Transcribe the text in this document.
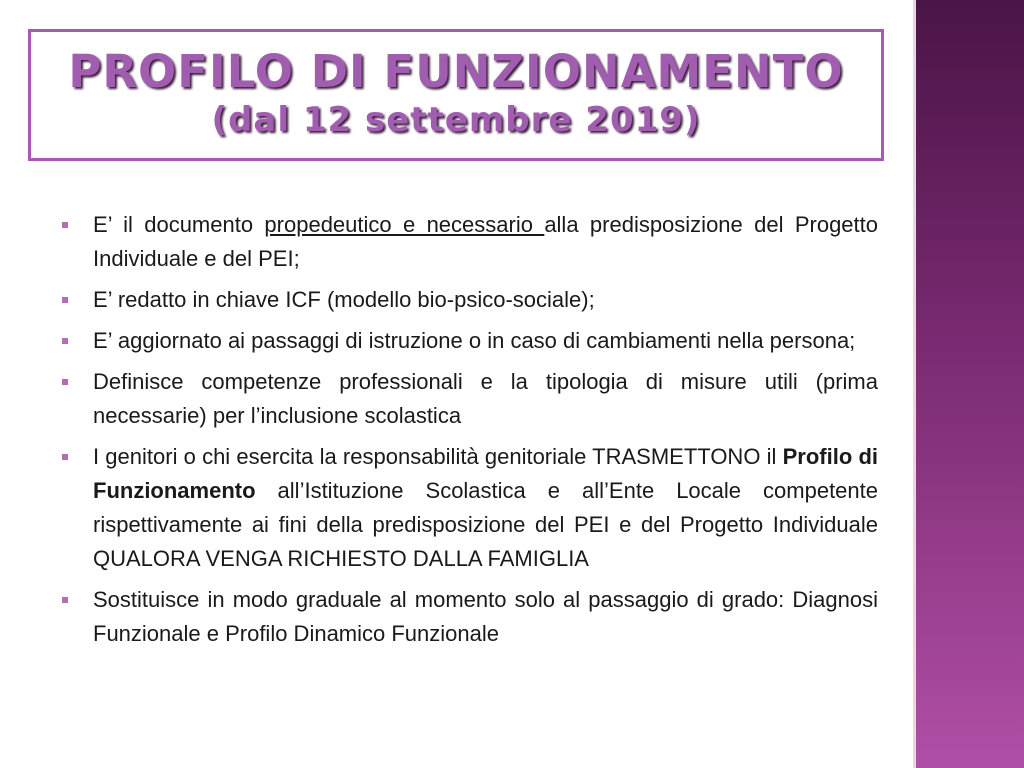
PROFILO DI FUNZIONAMENTO
(dal 12 settembre 2019)
E’ il documento propedeutico e necessario alla predisposizione del Progetto Individuale e del PEI;
E’ redatto in chiave ICF (modello bio-psico-sociale);
E’ aggiornato ai passaggi di istruzione o in caso di cambiamenti nella persona;
Definisce competenze professionali e la tipologia di misure utili (prima necessarie) per l’inclusione scolastica
I genitori o chi esercita la responsabilità genitoriale TRASMETTONO il Profilo di Funzionamento all’Istituzione Scolastica e all’Ente Locale competente rispettivamente ai fini della predisposizione del PEI e del Progetto Individuale QUALORA VENGA RICHIESTO DALLA FAMIGLIA
Sostituisce in modo graduale al momento solo al passaggio di grado: Diagnosi Funzionale e Profilo Dinamico Funzionale
